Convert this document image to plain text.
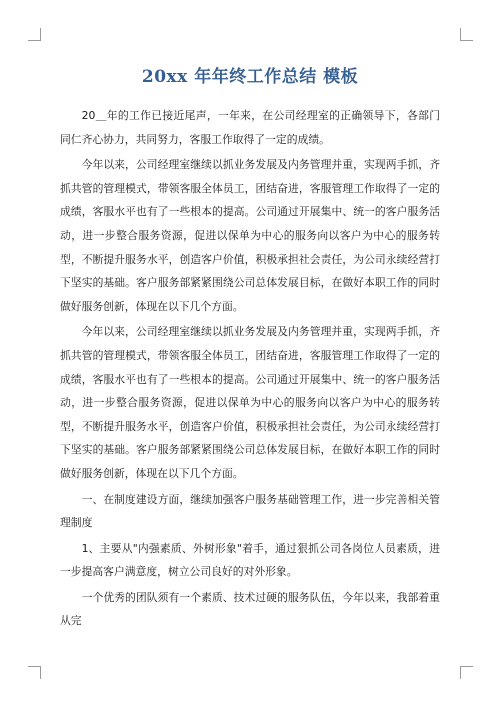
20xx 年年终工作总结 模板

20＿年的工作已接近尾声，一年来，在公司经理室的正确领导下，各部门同仁齐心协力，共同努力，客服工作取得了一定的成绩。

今年以来，公司经理室继续以抓业务发展及内务管理并重，实现两手抓，齐抓共管的管理模式，带领客服全体员工，团结奋进，客服管理工作取得了一定的成绩，客服水平也有了一些根本的提高。公司通过开展集中、统一的客户服务活动，进一步整合服务资源，促进以保单为中心的服务向以客户为中心的服务转型，不断提升服务水平，创造客户价值，积极承担社会责任，为公司永续经营打下坚实的基础。客户服务部紧紧围绕公司总体发展目标，在做好本职工作的同时做好服务创新，体现在以下几个方面。

今年以来，公司经理室继续以抓业务发展及内务管理并重，实现两手抓，齐抓共管的管理模式，带领客服全体员工，团结奋进，客服管理工作取得了一定的成绩，客服水平也有了一些根本的提高。公司通过开展集中、统一的客户服务活动，进一步整合服务资源，促进以保单为中心的服务向以客户为中心的服务转型，不断提升服务水平，创造客户价值，积极承担社会责任，为公司永续经营打下坚实的基础。客户服务部紧紧围绕公司总体发展目标，在做好本职工作的同时做好服务创新，体现在以下几个方面。

一、在制度建设方面，继续加强客户服务基础管理工作，进一步完善相关管理制度

1、主要从"内强素质、外树形象"着手，通过狠抓公司各岗位人员素质，进一步提高客户满意度，树立公司良好的对外形象。

一个优秀的团队须有一个素质、技术过硬的服务队伍，今年以来，我部着重从完
